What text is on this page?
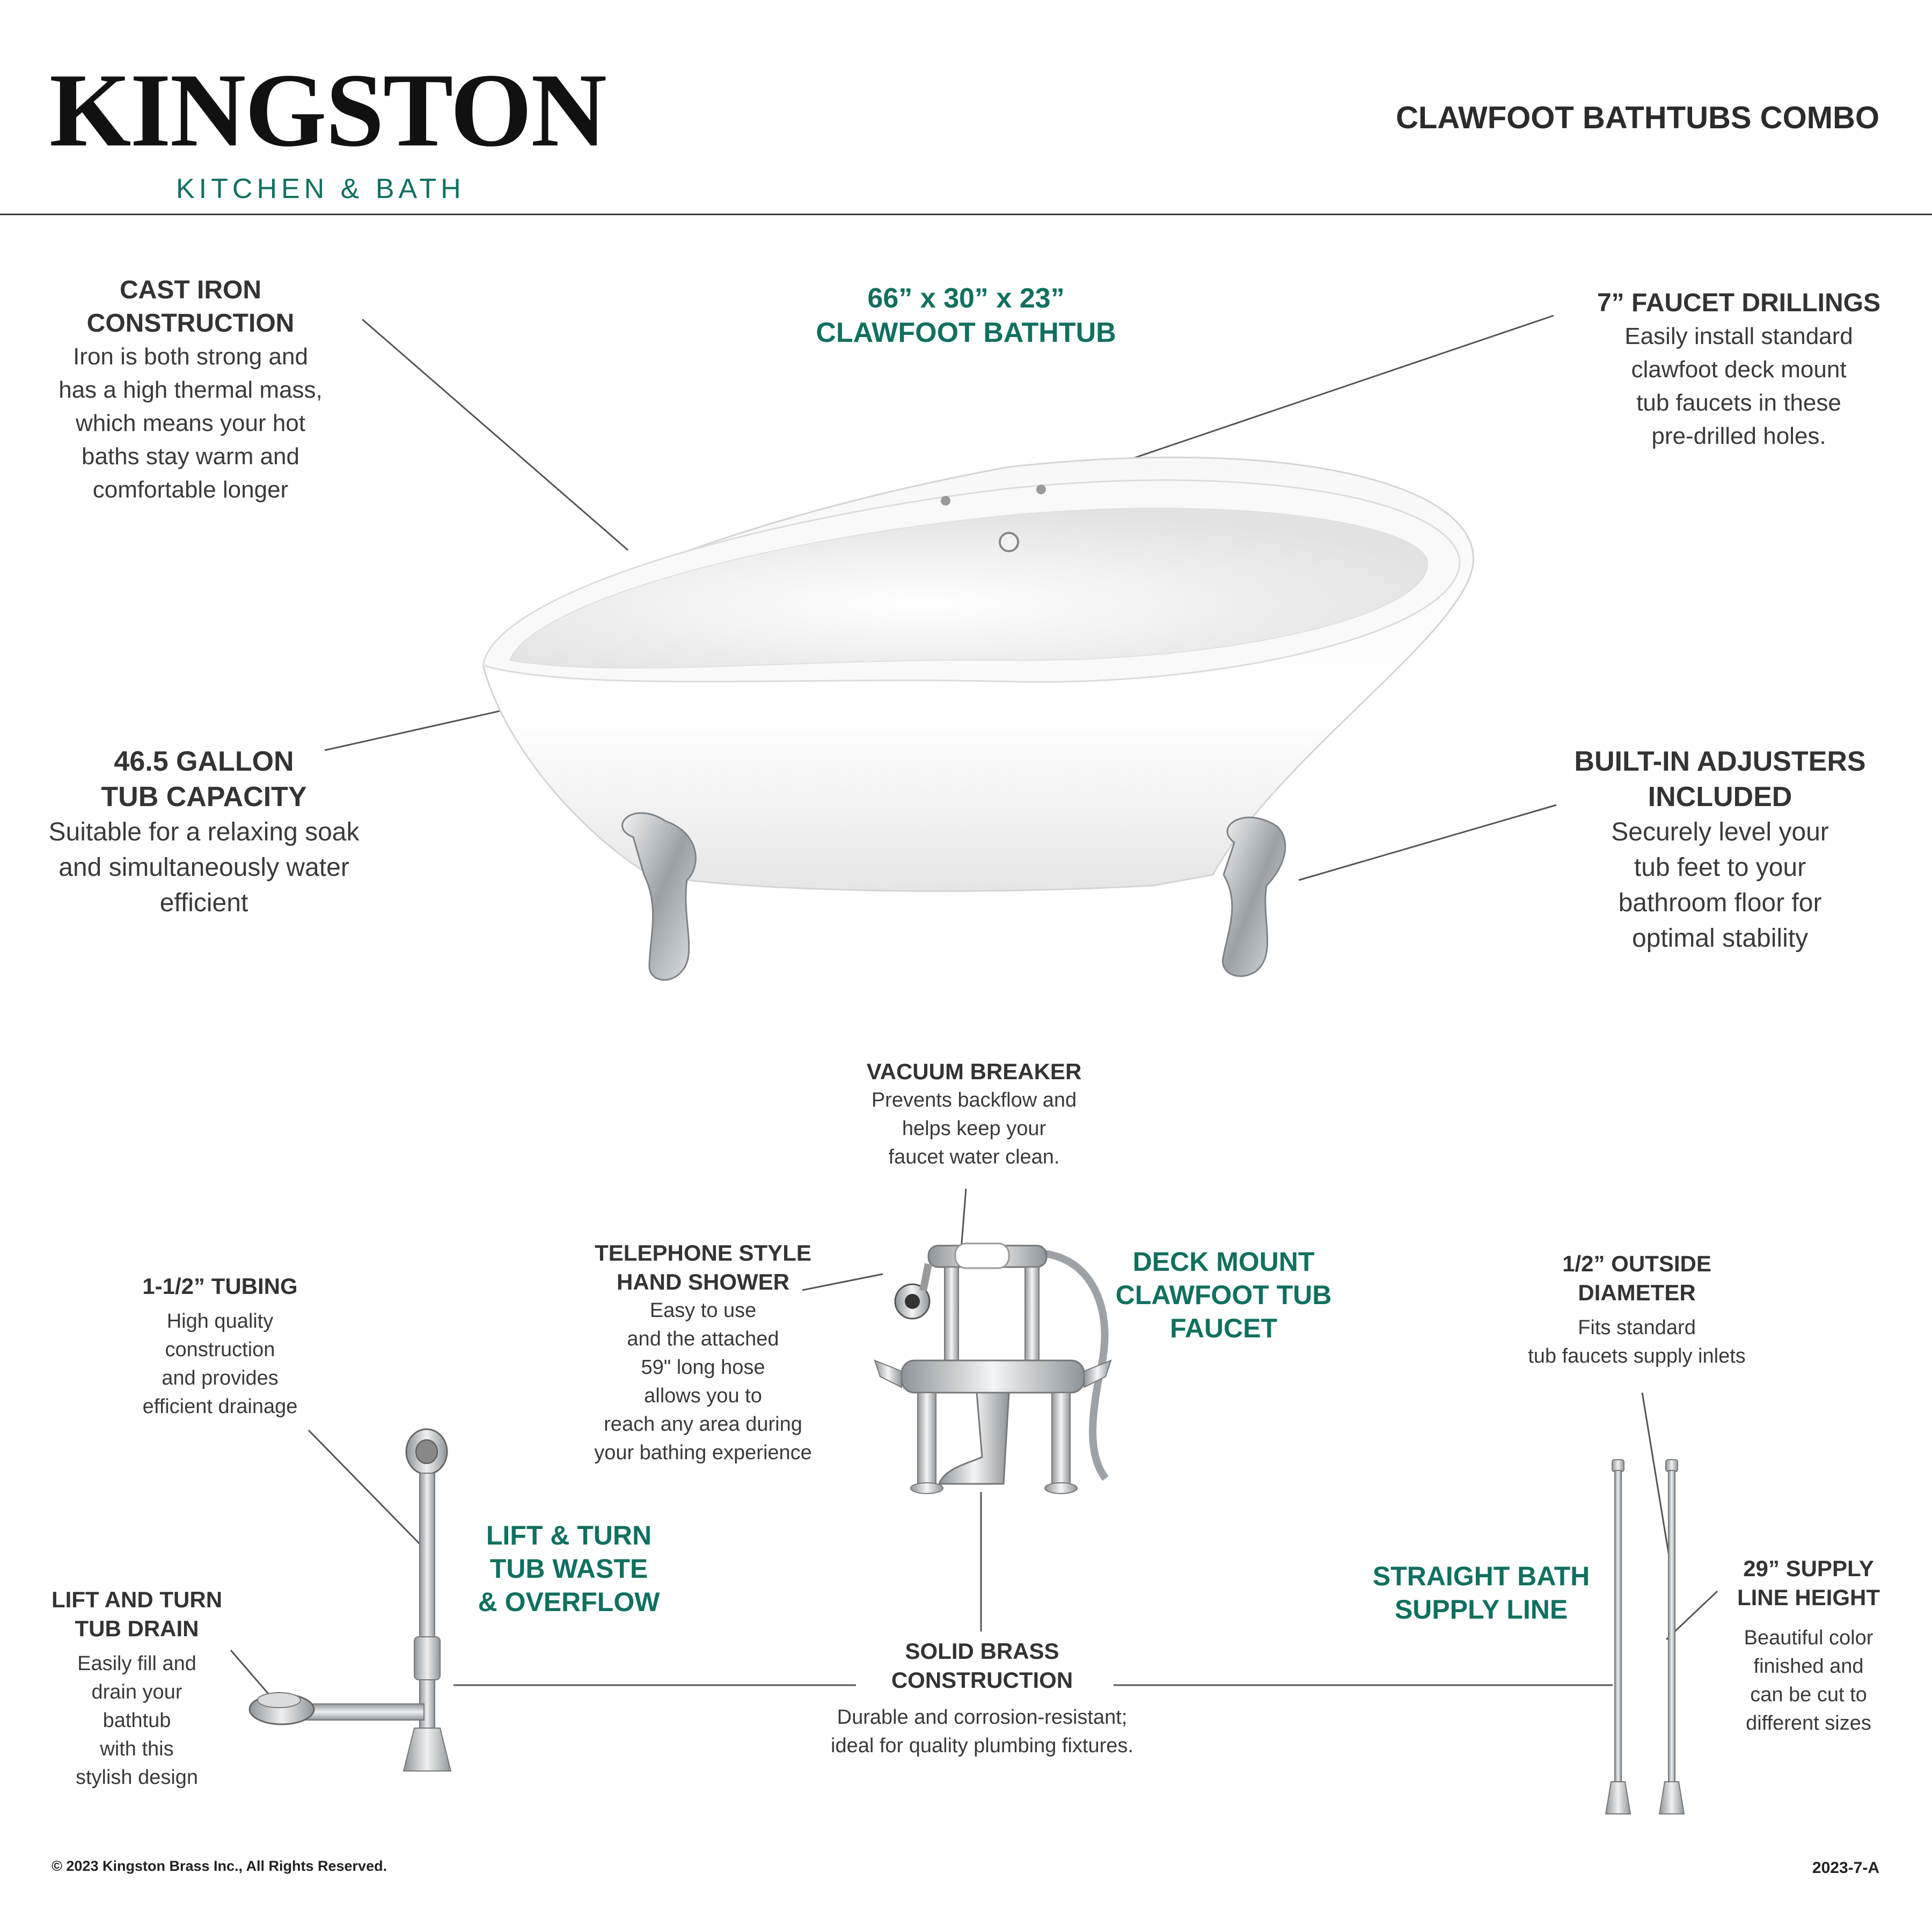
KINGSTON
KITCHEN & BATH
CLAWFOOT BATHTUBS COMBO
66” x 30” x 23”
CLAWFOOT BATHTUB
CAST IRON
CONSTRUCTION
Iron is both strong and
has a high thermal mass,
which means your hot
baths stay warm and
comfortable longer
7” FAUCET DRILLINGS
Easily install standard
clawfoot deck mount
tub faucets in these
pre-drilled holes.
46.5 GALLON
TUB CAPACITY
Suitable for a relaxing soak
and simultaneously water
efficient
BUILT-IN ADJUSTERS
INCLUDED
Securely level your
tub feet to your
bathroom floor for
optimal stability
DECK MOUNT
CLAWFOOT TUB
FAUCET
VACUUM BREAKER
Prevents backflow and
helps keep your
faucet water clean.
TELEPHONE STYLE
HAND SHOWER
Easy to use
and the attached
59" long hose
allows you to
reach any area during
your bathing experience
LIFT & TURN
TUB WASTE
& OVERFLOW
1-1/2” TUBING
High quality
construction
and provides
efficient drainage
LIFT AND TURN
TUB DRAIN
Easily fill and
drain your
bathtub
with this
stylish design
SOLID BRASS
CONSTRUCTION
Durable and corrosion-resistant;
ideal for quality plumbing fixtures.
STRAIGHT BATH
SUPPLY LINE
1/2” OUTSIDE
DIAMETER
Fits standard
tub faucets supply inlets
29” SUPPLY
LINE HEIGHT
Beautiful color
finished and
can be cut to
different sizes
© 2023 Kingston Brass Inc., All Rights Reserved.	2023-7-A
